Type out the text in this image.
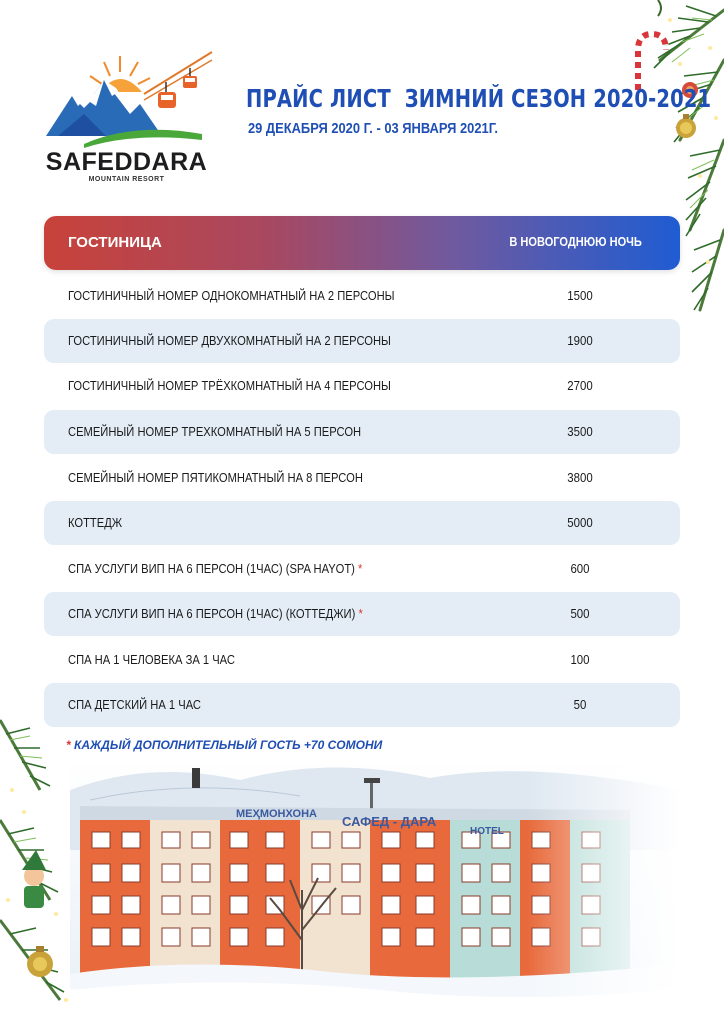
SAFEDDARA
MOUNTAIN RESORT
ПРАЙС ЛИСТ  ЗИМНИЙ СЕЗОН 2020-2021
29 ДЕКАБРЯ 2020 Г. - 03 ЯНВАРЯ 2021Г.
ГОСТИНИЦА	В НОВОГОДНЮЮ НОЧЬ
ГОСТИНИЧНЫЙ НОМЕР ОДНОКОМНАТНЫЙ НА 2 ПЕРСОНЫ	1500
ГОСТИНИЧНЫЙ НОМЕР ДВУХКОМНАТНЫЙ НА 2 ПЕРСОНЫ	1900
ГОСТИНИЧНЫЙ НОМЕР ТРЁХКОМНАТНЫЙ НА 4 ПЕРСОНЫ	2700
СЕМЕЙНЫЙ НОМЕР ТРЕХКОМНАТНЫЙ НА 5 ПЕРСОН	3500
СЕМЕЙНЫЙ НОМЕР ПЯТИКОМНАТНЫЙ НА 8 ПЕРСОН	3800
КОТТЕДЖ	5000
СПА УСЛУГИ ВИП НА 6 ПЕРСОН (1ЧАС) (SPA HAYOT) *	600
СПА УСЛУГИ ВИП НА 6 ПЕРСОН (1ЧАС) (КОТТЕДЖИ) *	500
СПА НА 1 ЧЕЛОВЕКА ЗА 1 ЧАС	100
СПА ДЕТСКИЙ НА 1 ЧАС	50
* КАЖДЫЙ ДОПОЛНИТЕЛЬНЫЙ ГОСТЬ +70 СОМОНИ
МЕҲМОНХОНА САФЕД - ДАРА
HOTEL
